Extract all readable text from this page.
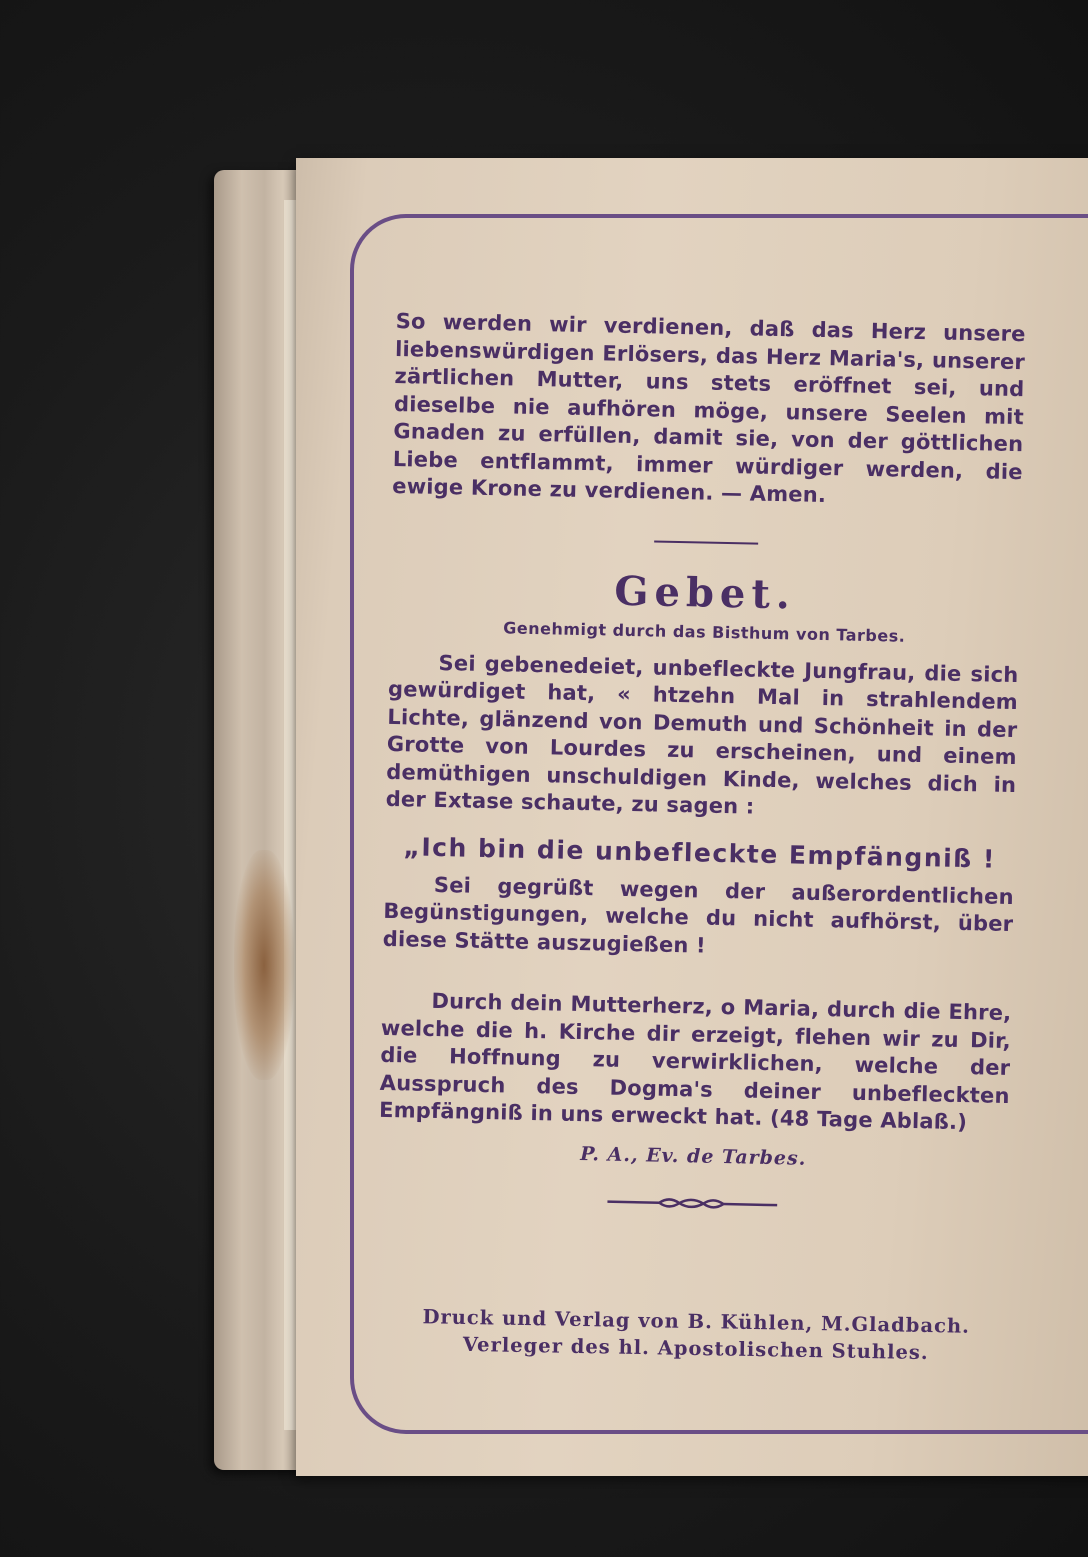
So werden wir verdienen, daß das Herz unsere liebenswürdigen Erlösers, das Herz Maria's, unserer zärtlichen Mutter, uns stets eröffnet sei, und dieselbe nie aufhören möge, unsere Seelen mit Gnaden zu erfüllen, damit sie, von der göttlichen Liebe entflammt, immer würdiger werden, die ewige Krone zu verdienen. — Amen.

Gebet.
Genehmigt durch das Bisthum von Tarbes.

Sei gebenedeiet, unbefleckte Jungfrau, die sich gewürdiget hat, « htzehn Mal in strahlendem Lichte, glänzend von Demuth und Schönheit in der Grotte von Lourdes zu erscheinen, und einem demüthigen unschuldigen Kinde, welches dich in der Extase schaute, zu sagen :

„Ich bin die unbefleckte Empfängniß !

Sei gegrüßt wegen der außerordentlichen Begünstigungen, welche du nicht aufhörst, über diese Stätte auszugießen !

Durch dein Mutterherz, o Maria, durch die Ehre, welche die h. Kirche dir erzeigt, flehen wir zu Dir, die Hoffnung zu verwirklichen, welche der Ausspruch des Dogma's deiner unbefleckten Empfängniß in uns erweckt hat. (48 Tage Ablaß.)

P. A., Ev. de Tarbes.
Druck und Verlag von B. Kühlen, M.Gladbach.
Verleger des hl. Apostolischen Stuhles.
